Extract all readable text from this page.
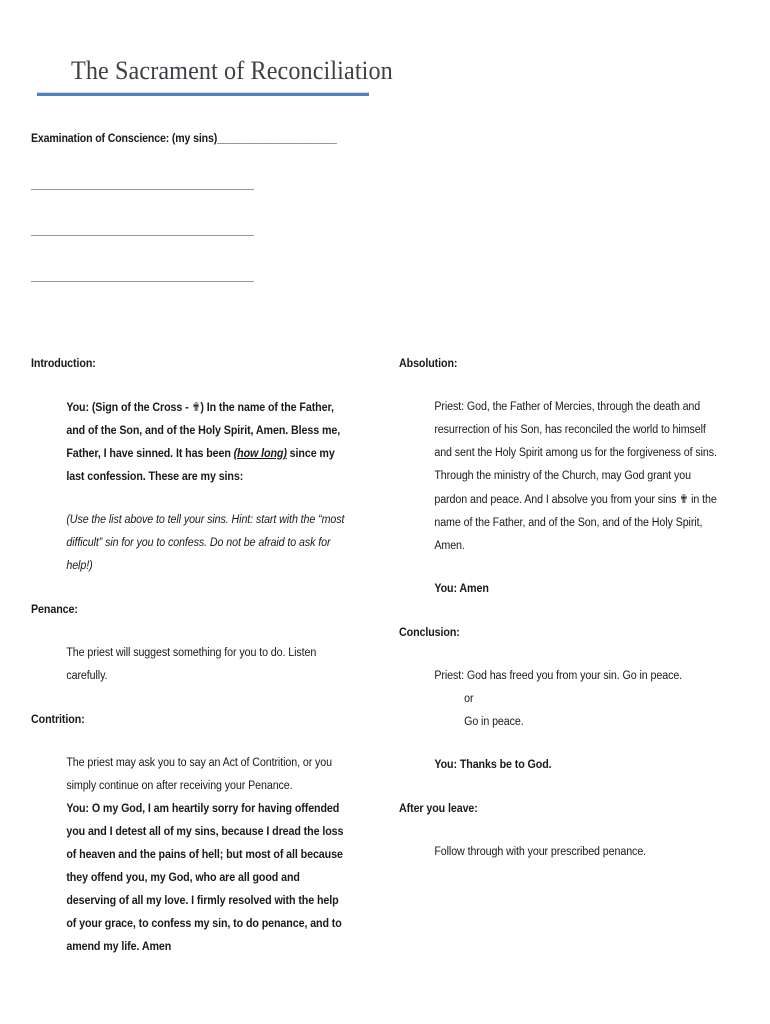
The Sacrament of Reconciliation
Examination of Conscience: (my sins)______________________
_________________________________________
_________________________________________
_________________________________________
Introduction:

You: (Sign of the Cross - ✟) In the name of the Father, and of the Son, and of the Holy Spirit, Amen. Bless me, Father, I have sinned. It has been (how long) since my last confession. These are my sins:

(Use the list above to tell your sins. Hint: start with the “most difficult” sin for you to confess. Do not be afraid to ask for help!)

Penance:

The priest will suggest something for you to do. Listen carefully.

Contrition:

The priest may ask you to say an Act of Contrition, or you simply continue on after receiving your Penance.

You: O my God, I am heartily sorry for having offended you and I detest all of my sins, because I dread the loss of heaven and the pains of hell; but most of all because they offend you, my God, who are all good and deserving of all my love. I firmly resolved with the help of your grace, to confess my sin, to do penance, and to amend my life. Amen

Absolution:

Priest: God, the Father of Mercies, through the death and resurrection of his Son, has reconciled the world to himself and sent the Holy Spirit among us for the forgiveness of sins. Through the ministry of the Church, may God grant you pardon and peace. And I absolve you from your sins ✟ in the name of the Father, and of the Son, and of the Holy Spirit, Amen.

You: Amen

Conclusion:

Priest: God has freed you from your sin. Go in peace.

or

Go in peace.

You: Thanks be to God.

After you leave:

Follow through with your prescribed penance.
